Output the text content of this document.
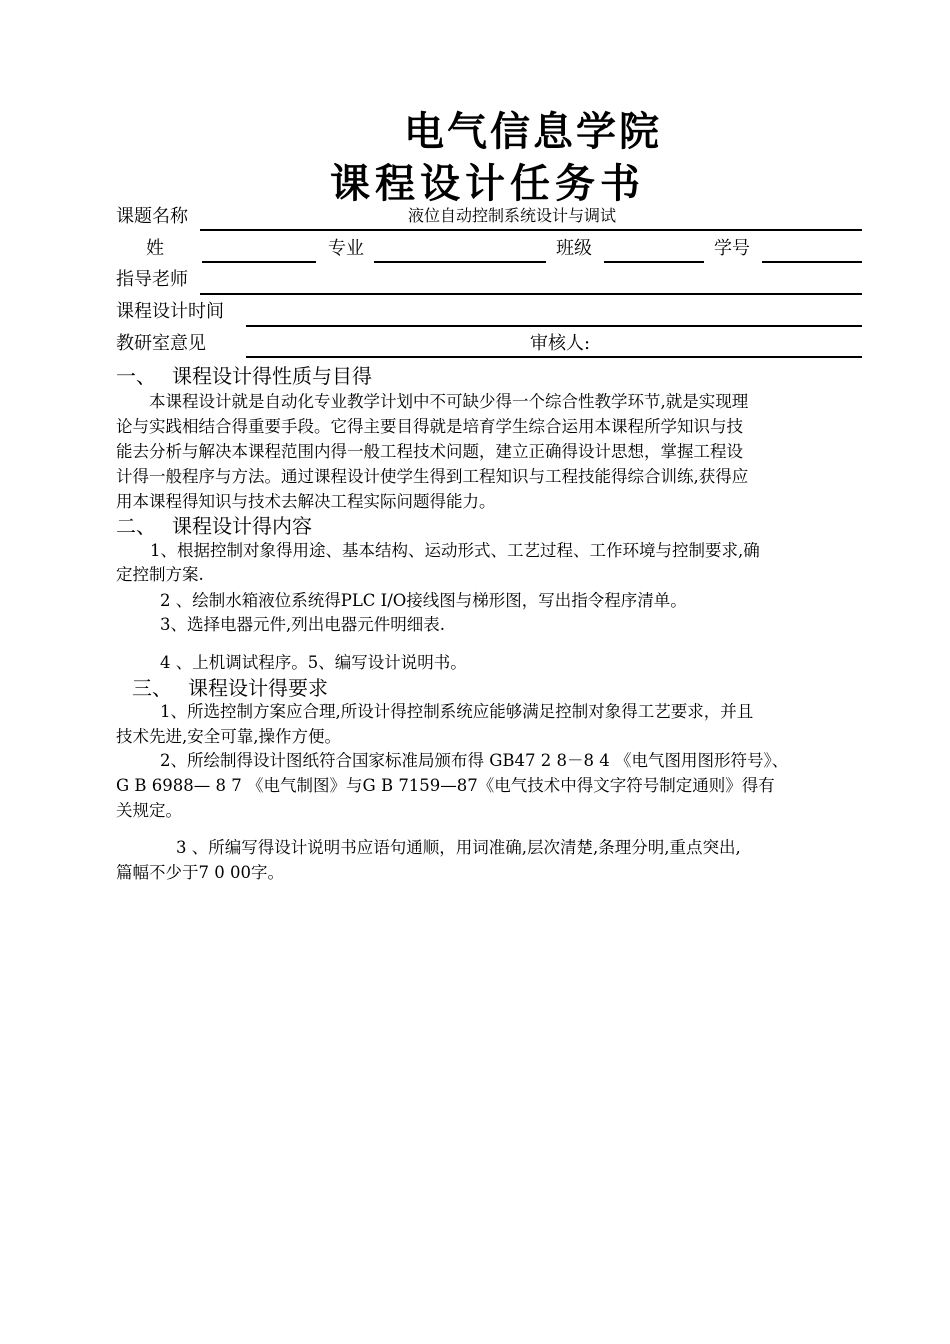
电气信息学院
课程设计任务书
课题名称	液位自动控制系统设计与调试
姓	专业	班级	学号
指导老师
课程设计时间
教研室意见	审核人:
一、 课程设计得性质与目得
本课程设计就是自动化专业教学计划中不可缺少得一个综合性教学环节,就是实现理
论与实践相结合得重要手段。它得主要目得就是培育学生综合运用本课程所学知识与技
能去分析与解决本课程范围内得一般工程技术问题，建立正确得设计思想，掌握工程设
计得一般程序与方法。通过课程设计使学生得到工程知识与工程技能得综合训练,获得应
用本课程得知识与技术去解决工程实际问题得能力。
二、 课程设计得内容
1、根据控制对象得用途、基本结构、运动形式、工艺过程、工作环境与控制要求,确
定控制方案.
2 、绘制水箱液位系统得PLC I/O接线图与梯形图，写出指令程序清单。
3、选择电器元件,列出电器元件明细表.
4 、上机调试程序。5、编写设计说明书。
三、 课程设计得要求
1、所选控制方案应合理,所设计得控制系统应能够满足控制对象得工艺要求，并且
技术先进,安全可靠,操作方便。
2、所绘制得设计图纸符合国家标准局颁布得 GB47 2 8－8 4 《电气图用图形符号》、
G B 6988— 8 7 《电气制图》与G B 7159—87《电气技术中得文字符号制定通则》得有
关规定。
3 、所编写得设计说明书应语句通顺，用词准确,层次清楚,条理分明,重点突出,
篇幅不少于7 0 00字。
